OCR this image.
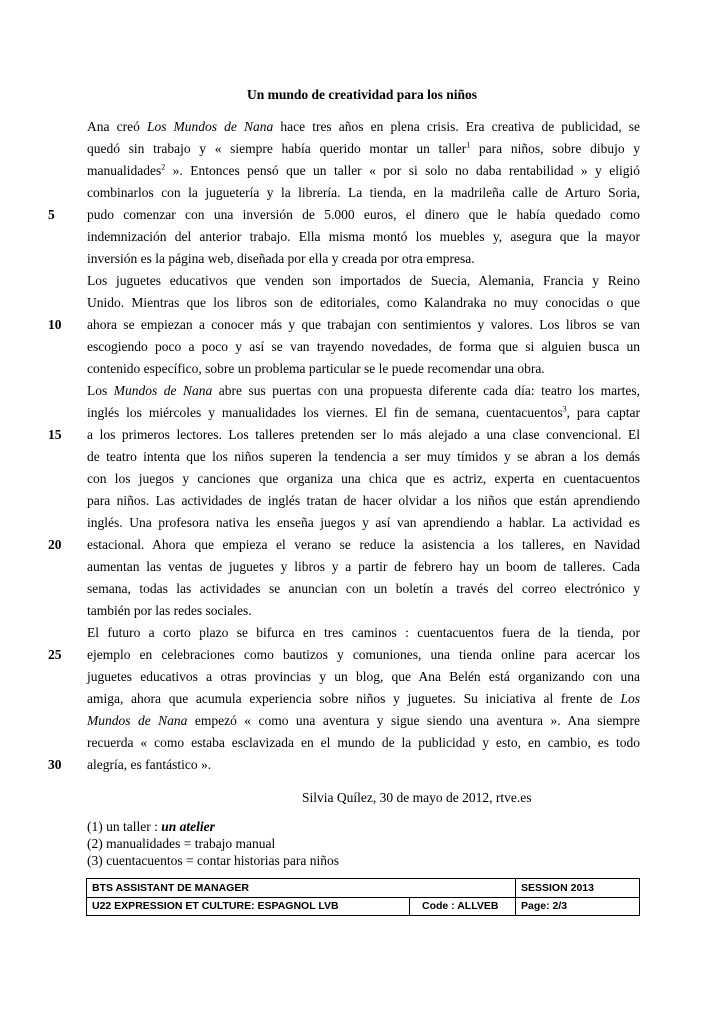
Un mundo de creatividad para los niños
Ana creó Los Mundos de Nana hace tres años en plena crisis. Era creativa de publicidad, se
quedó sin trabajo y « siempre había querido montar un taller$^1$ para niños, sobre dibujo y
manualidades$^2$ ». Entonces pensó que un taller « por si solo no daba rentabilidad » y eligió
combinarlos con la juguetería y la librería. La tienda, en la madrileña calle de Arturo Soria,
pudo comenzar con una inversión de 5.000 euros, el dinero que le había quedado como
indemnización del anterior trabajo. Ella misma montó los muebles y, asegura que la mayor
inversión es la página web, diseñada por ella y creada por otra empresa.
Los juguetes educativos que venden son importados de Suecia, Alemania, Francia y Reino
Unido. Mientras que los libros son de editoriales, como Kalandraka no muy conocidas o que
ahora se empiezan a conocer más y que trabajan con sentimientos y valores. Los libros se van
escogiendo poco a poco y así se van trayendo novedades, de forma que si alguien busca un
contenido específico, sobre un problema particular se le puede recomendar una obra.
Los Mundos de Nana abre sus puertas con una propuesta diferente cada día: teatro los martes,
inglés los miércoles y manualidades los viernes. El fin de semana, cuentacuentos$^3$, para captar
a los primeros lectores. Los talleres pretenden ser lo más alejado a una clase convencional. El
de teatro intenta que los niños superen la tendencia a ser muy tímidos y se abran a los demás
con los juegos y canciones que organiza una chica que es actriz, experta en cuentacuentos
para niños. Las actividades de inglés tratan de hacer olvidar a los niños que están aprendiendo
inglés. Una profesora nativa les enseña juegos y así van aprendiendo a hablar. La actividad es
estacional. Ahora que empieza el verano se reduce la asistencia a los talleres, en Navidad
aumentan las ventas de juguetes y libros y a partir de febrero hay un boom de talleres. Cada
semana, todas las actividades se anuncian con un boletín a través del correo electrónico y
también por las redes sociales.
El futuro a corto plazo se bifurca en tres caminos : cuentacuentos fuera de la tienda, por
ejemplo en celebraciones como bautizos y comuniones, una tienda online para acercar los
juguetes educativos a otras provincias y un blog, que Ana Belén está organizando con una
amiga, ahora que acumula experiencia sobre niños y juguetes. Su iniciativa al frente de Los
Mundos de Nana empezó « como una aventura y sigue siendo una aventura ». Ana siempre
recuerda « como estaba esclavizada en el mundo de la publicidad y esto, en cambio, es todo
alegría, es fantástico ».
5
10
15
20
25
30
Silvia Quílez, 30 de mayo de 2012, rtve.es
(1) un taller : un atelier
(2) manualidades = trabajo manual
(3) cuentacuentos = contar historias para niños
BTS ASSISTANT DE MANAGER	SESSION 2013
U22 EXPRESSION ET CULTURE: ESPAGNOL LVB	Code : ALLVEB	Page: 2/3
